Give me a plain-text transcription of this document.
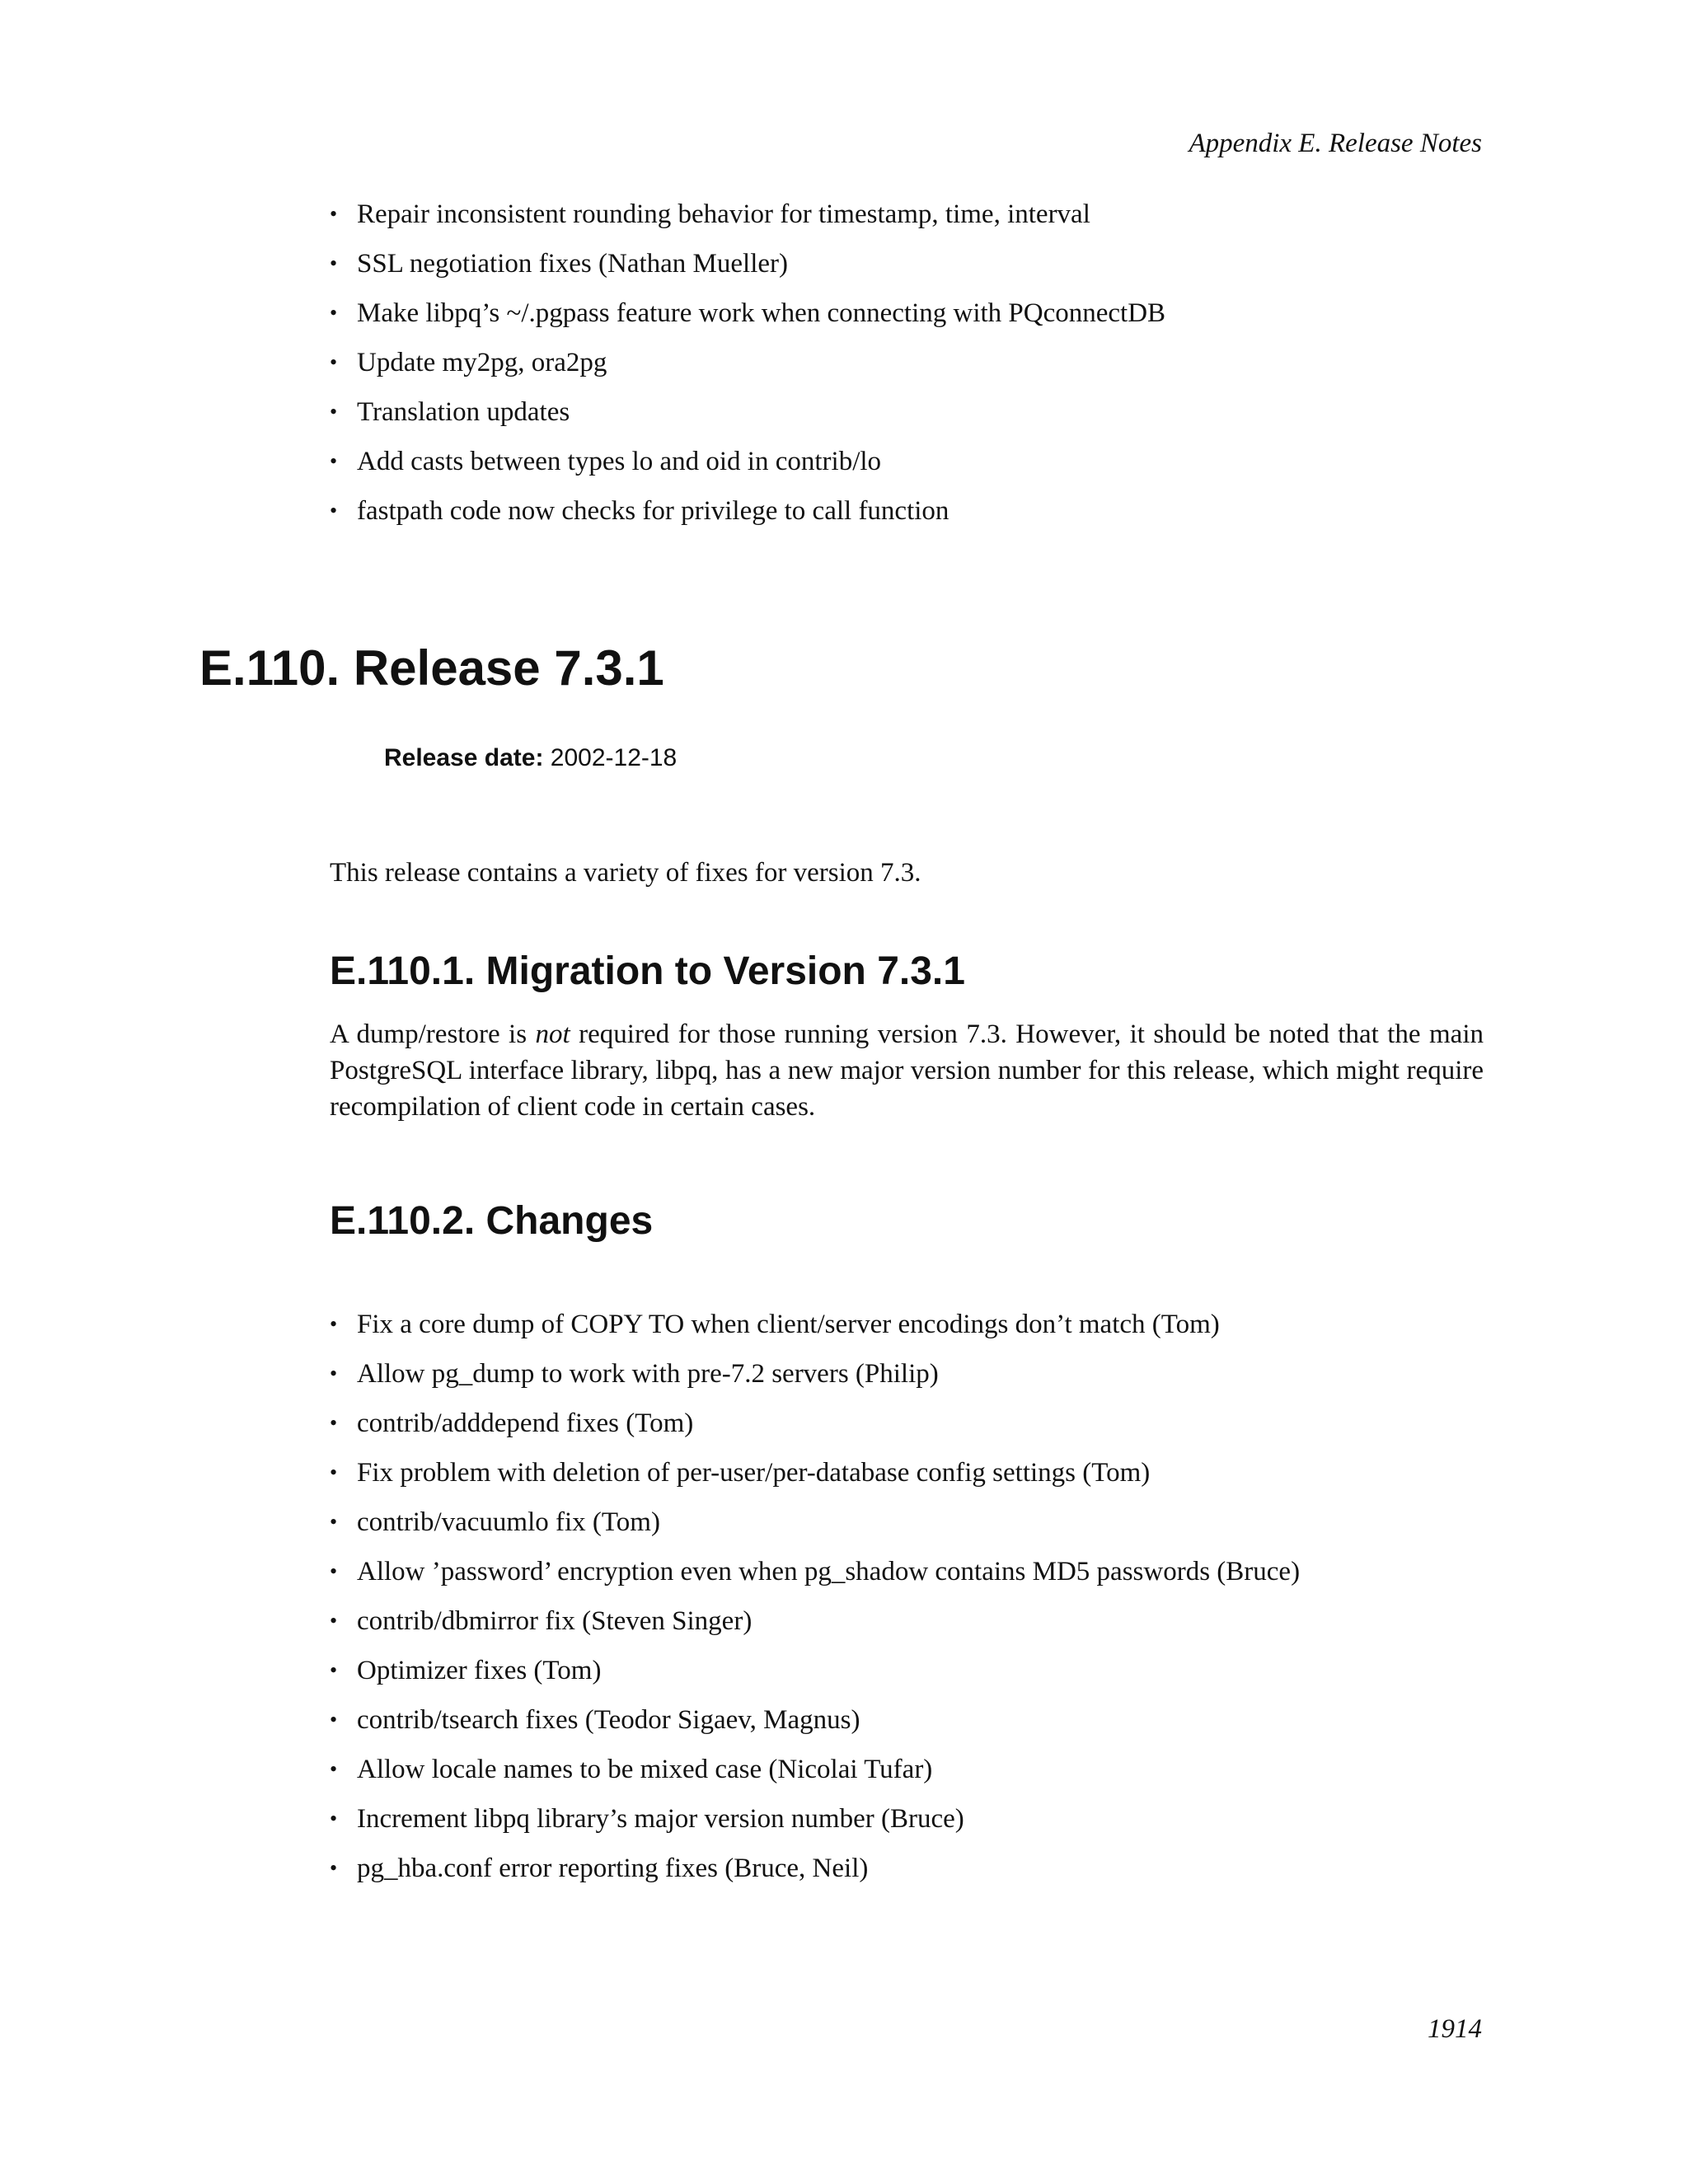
Appendix E. Release Notes
• Repair inconsistent rounding behavior for timestamp, time, interval
• SSL negotiation fixes (Nathan Mueller)
• Make libpq’s ~/.pgpass feature work when connecting with PQconnectDB
• Update my2pg, ora2pg
• Translation updates
• Add casts between types lo and oid in contrib/lo
• fastpath code now checks for privilege to call function
E.110. Release 7.3.1
Release date: 2002-12-18

This release contains a variety of fixes for version 7.3.

E.110.1. Migration to Version 7.3.1

A dump/restore is not required for those running version 7.3. However, it should be noted that the main PostgreSQL interface library, libpq, has a new major version number for this release, which might require recompilation of client code in certain cases.

E.110.2. Changes
• Fix a core dump of COPY TO when client/server encodings don’t match (Tom)
• Allow pg_dump to work with pre-7.2 servers (Philip)
• contrib/adddepend fixes (Tom)
• Fix problem with deletion of per-user/per-database config settings (Tom)
• contrib/vacuumlo fix (Tom)
• Allow ’password’ encryption even when pg_shadow contains MD5 passwords (Bruce)
• contrib/dbmirror fix (Steven Singer)
• Optimizer fixes (Tom)
• contrib/tsearch fixes (Teodor Sigaev, Magnus)
• Allow locale names to be mixed case (Nicolai Tufar)
• Increment libpq library’s major version number (Bruce)
• pg_hba.conf error reporting fixes (Bruce, Neil)
1914
